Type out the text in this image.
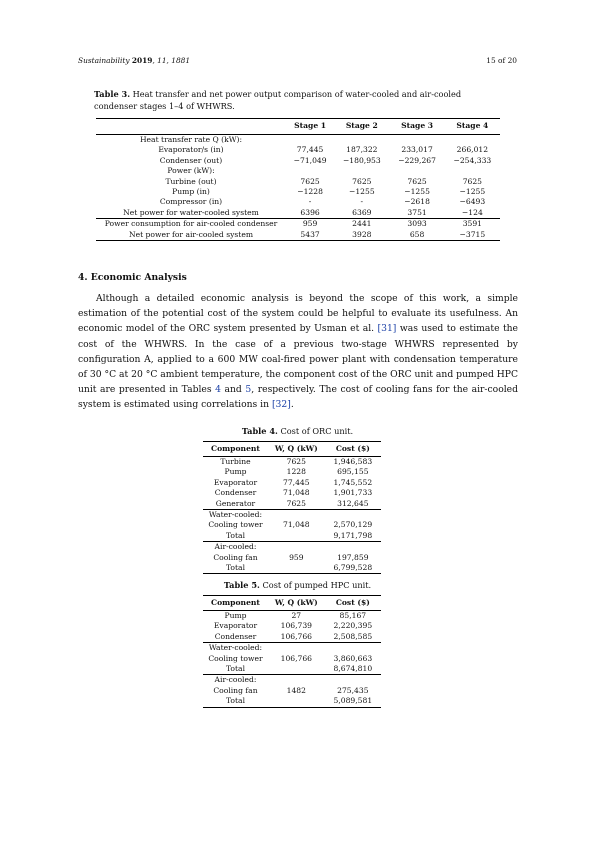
Sustainability 2019, 11, 1881	15 of 20
Table 3. Heat transfer and net power output comparison of water-cooled and air-cooled condenser stages 1–4 of WHWRS.
	Stage 1	Stage 2	Stage 3	Stage 4
Heat transfer rate Q (kW):				
Evaporator/s (in)	77,445	187,322	233,017	266,012
Condenser (out)	−71,049	−180,953	−229,267	−254,333
Power (kW):				
Turbine (out)	7625	7625	7625	7625
Pump (in)	−1228	−1255	−1255	−1255
Compressor (in)	-	-	−2618	−6493
Net power for water-cooled system	6396	6369	3751	−124
Power consumption for air-cooled condenser	959	2441	3093	3591
Net power for air-cooled system	5437	3928	658	−3715
4. Economic Analysis
Although a detailed economic analysis is beyond the scope of this work, a simple estimation of the potential cost of the system could be helpful to evaluate its usefulness. An economic model of the ORC system presented by Usman et al. [31] was used to estimate the cost of the WHWRS. In the case of a previous two-stage WHWRS represented by configuration A, applied to a 600 MW coal-fired power plant with condensation temperature of 30 °C at 20 °C ambient temperature, the component cost of the ORC unit and pumped HPC unit are presented in Tables 4 and 5, respectively. The cost of cooling fans for the air-cooled system is estimated using correlations in [32].
Table 4. Cost of ORC unit.
Component	W, Q (kW)	Cost ($)
Turbine	7625	1,946,583
Pump	1228	695,155
Evaporator	77,445	1,745,552
Condenser	71,048	1,901,733
Generator	7625	312,645
Water-cooled:		
Cooling tower	71,048	2,570,129
Total		9,171,798
Air-cooled:		
Cooling fan	959	197,859
Total		6,799,528
Table 5. Cost of pumped HPC unit.
Component	W, Q (kW)	Cost ($)
Pump	27	85,167
Evaporator	106,739	2,220,395
Condenser	106,766	2,508,585
Water-cooled:		
Cooling tower	106,766	3,860,663
Total		8,674,810
Air-cooled:		
Cooling fan	1482	275,435
Total		5,089,581
